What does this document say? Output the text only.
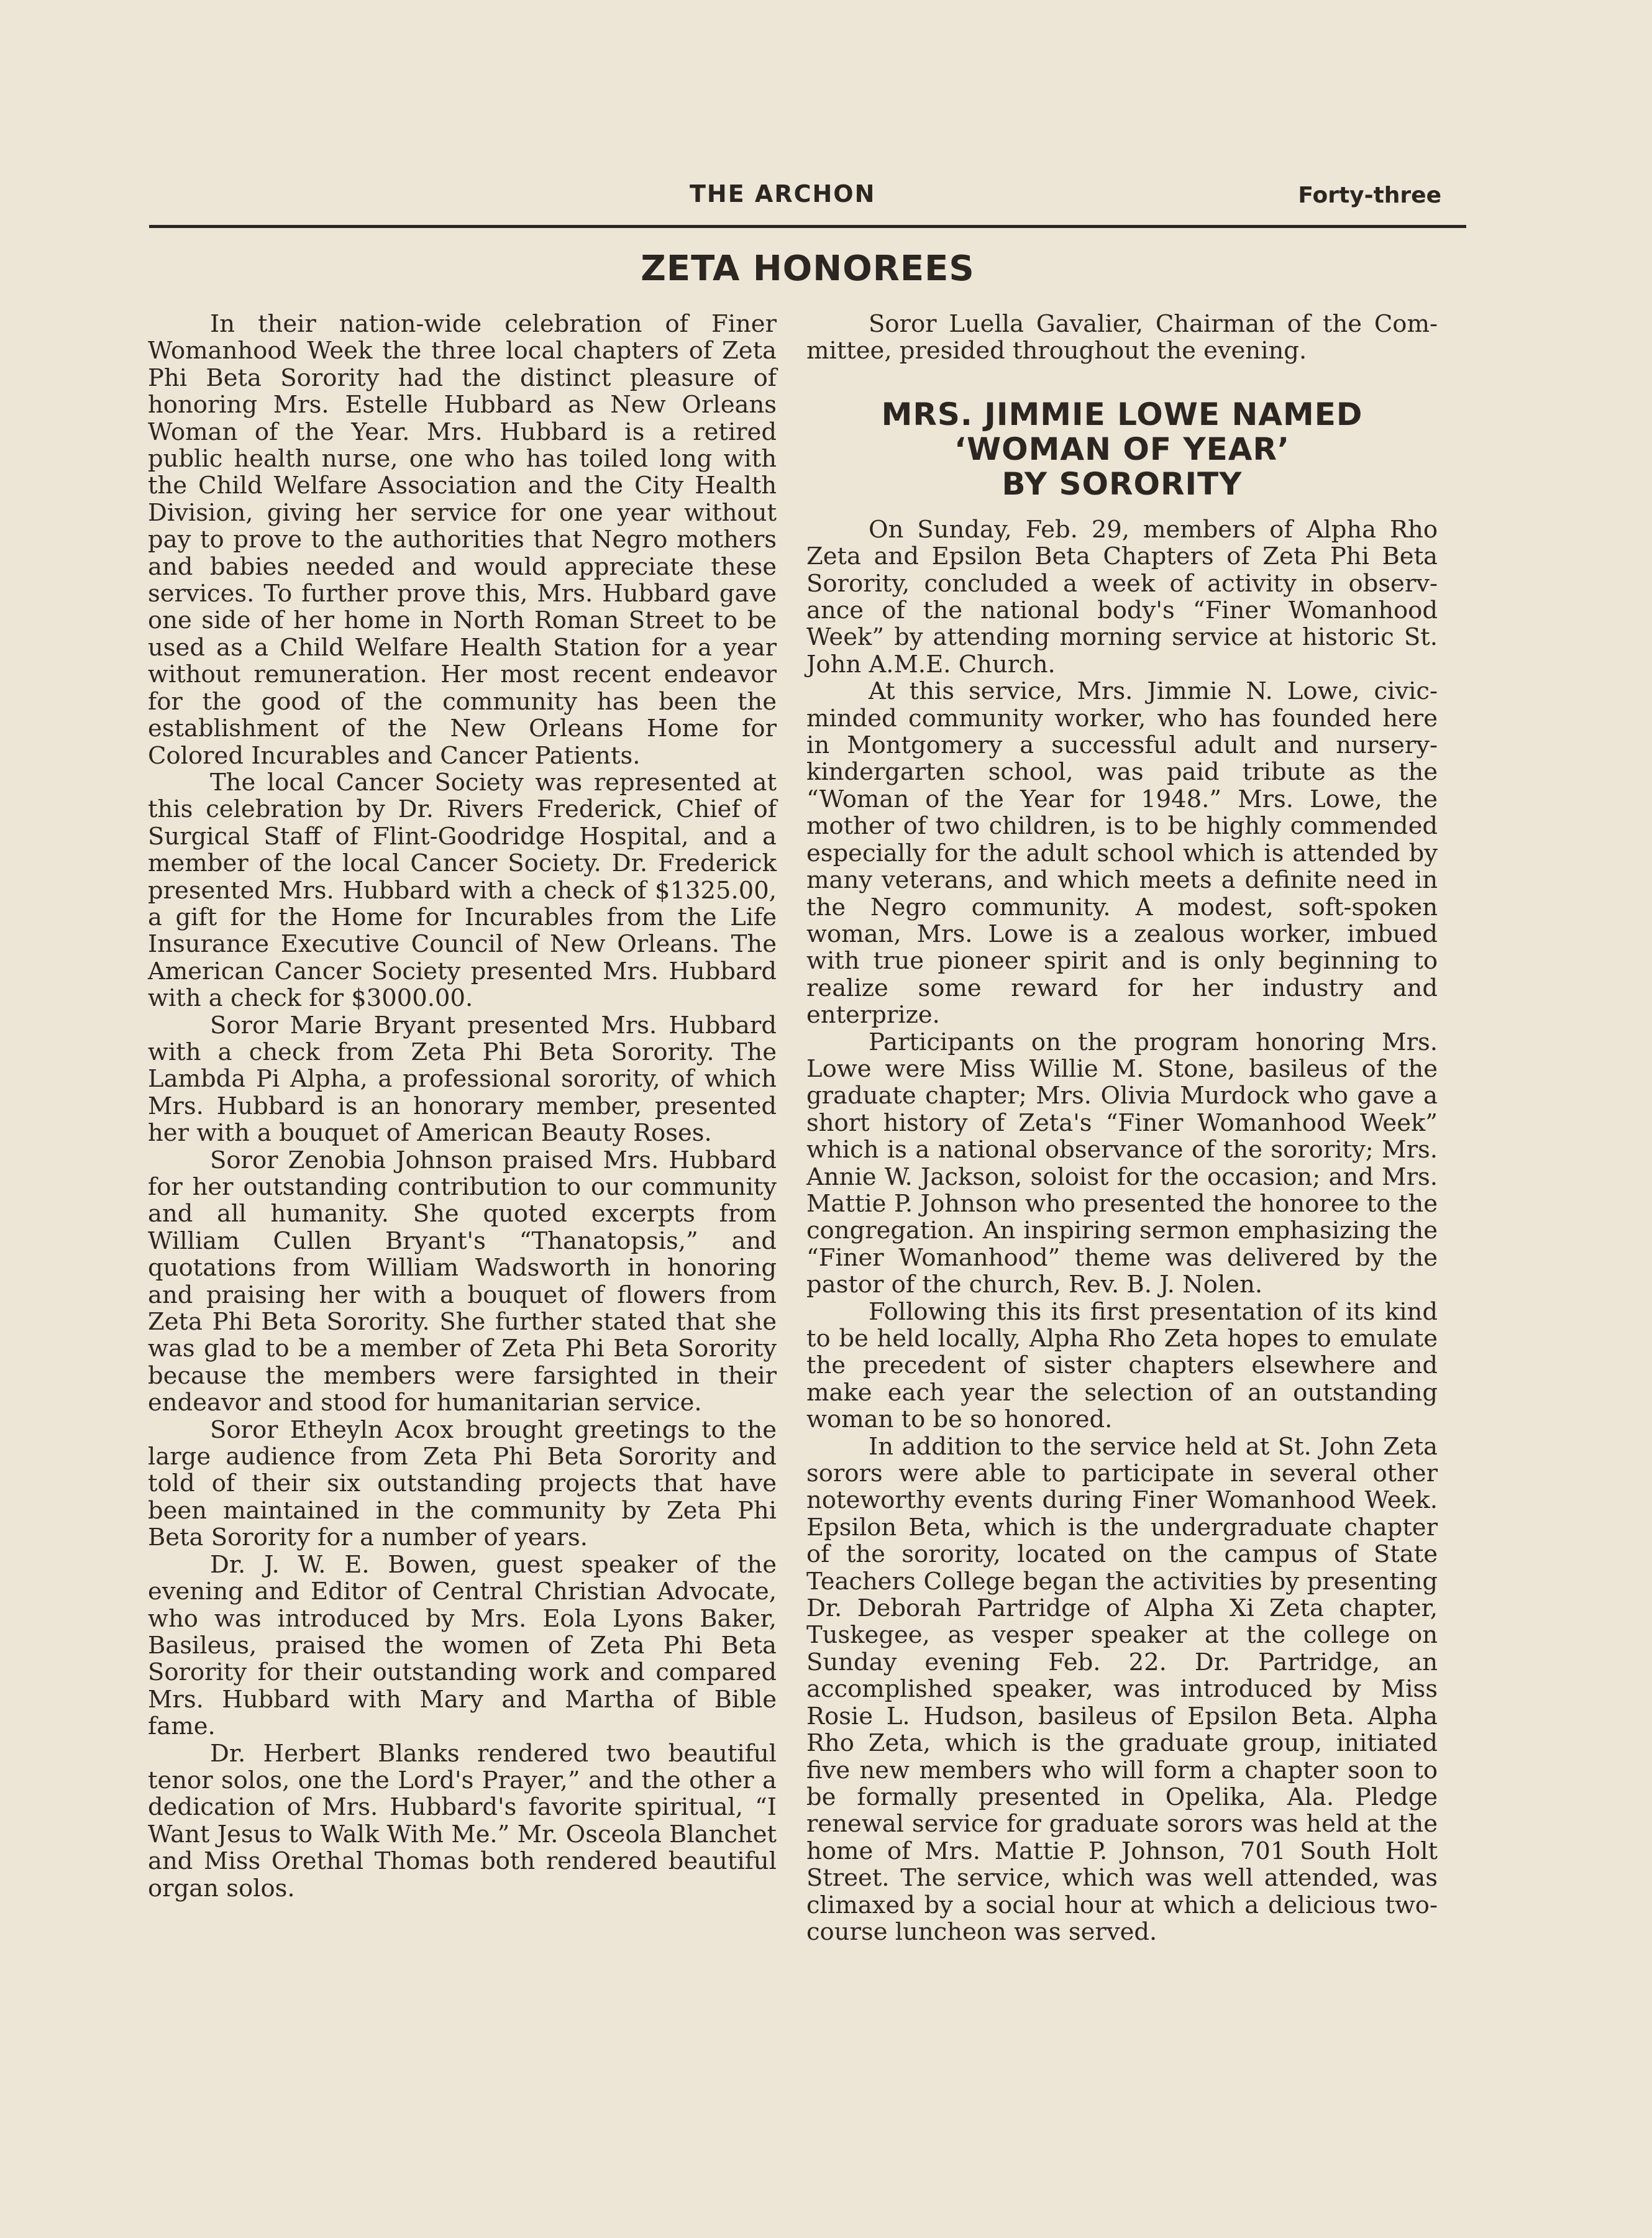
THE ARCHON	Forty-three
ZETA HONOREES

In their nation-wide celebration of Finer Womanhood Week the three local chapters of Zeta Phi Beta Sorority had the distinct pleasure of honoring Mrs. Estelle Hubbard as New Orleans Woman of the Year. Mrs. Hubbard is a retired public health nurse, one who has toiled long with the Child Welfare Association and the City Health Division, giving her service for one year without pay to prove to the authorities that Negro mothers and babies needed and would appreciate these services. To further prove this, Mrs. Hubbard gave one side of her home in North Roman Street to be used as a Child Welfare Health Station for a year without remuneration. Her most recent endeavor for the good of the community has been the establishment of the New Orleans Home for Colored Incurables and Cancer Patients.

The local Cancer Society was represented at this celebration by Dr. Rivers Frederick, Chief of Surgical Staff of Flint-Goodridge Hospital, and a member of the local Cancer Society. Dr. Frederick presented Mrs. Hubbard with a check of $1325.00, a gift for the Home for Incurables from the Life Insurance Executive Council of New Orleans. The American Cancer Society presented Mrs. Hubbard with a check for $3000.00.

Soror Marie Bryant presented Mrs. Hubbard with a check from Zeta Phi Beta Sorority. The Lambda Pi Alpha, a professional sorority, of which Mrs. Hubbard is an honorary member, presented her with a bouquet of American Beauty Roses.

Soror Zenobia Johnson praised Mrs. Hubbard for her outstanding contribution to our community and all humanity. She quoted excerpts from William Cullen Bryant's “Thanatopsis,” and quotations from William Wadsworth in honoring and praising her with a bouquet of flowers from Zeta Phi Beta Sorority. She further stated that she was glad to be a member of Zeta Phi Beta Sorority because the members were farsighted in their endeavor and stood for humanitarian service.

Soror Etheyln Acox brought greetings to the large audience from Zeta Phi Beta Sorority and told of their six outstanding projects that have been maintained in the community by Zeta Phi Beta Sorority for a number of years.

Dr. J. W. E. Bowen, guest speaker of the evening and Editor of Central Christian Advocate, who was introduced by Mrs. Eola Lyons Baker, Basileus, praised the women of Zeta Phi Beta Sorority for their outstanding work and compared Mrs. Hubbard with Mary and Martha of Bible fame.

Dr. Herbert Blanks rendered two beautiful tenor solos, one the Lord's Prayer,” and the other a dedication of Mrs. Hubbard's favorite spiritual, “I Want Jesus to Walk With Me.” Mr. Osceola Blanchet and Miss Orethal Thomas both rendered beautiful organ solos.

Soror Luella Gavalier, Chairman of the Committee, presided throughout the evening.

MRS. JIMMIE LOWE NAMED
‘WOMAN OF YEAR’
BY SORORITY

On Sunday, Feb. 29, members of Alpha Rho Zeta and Epsilon Beta Chapters of Zeta Phi Beta Sorority, concluded a week of activity in observance of the national body's “Finer Womanhood Week” by attending morning service at historic St. John A.M.E. Church.

At this service, Mrs. Jimmie N. Lowe, civic-minded community worker, who has founded here in Montgomery a successful adult and nursery-kindergarten school, was paid tribute as the “Woman of the Year for 1948.” Mrs. Lowe, the mother of two children, is to be highly commended especially for the adult school which is attended by many veterans, and which meets a definite need in the Negro community. A modest, soft-spoken woman, Mrs. Lowe is a zealous worker, imbued with true pioneer spirit and is only beginning to realize some reward for her industry and enterprize.

Participants on the program honoring Mrs. Lowe were Miss Willie M. Stone, basileus of the graduate chapter; Mrs. Olivia Murdock who gave a short history of Zeta's “Finer Womanhood Week” which is a national observance of the sorority; Mrs. Annie W. Jackson, soloist for the occasion; and Mrs. Mattie P. Johnson who presented the honoree to the congregation. An inspiring sermon emphasizing the “Finer Womanhood” theme was delivered by the pastor of the church, Rev. B. J. Nolen.

Following this its first presentation of its kind to be held locally, Alpha Rho Zeta hopes to emulate the precedent of sister chapters elsewhere and make each year the selection of an outstanding woman to be so honored.

In addition to the service held at St. John Zeta sorors were able to participate in several other noteworthy events during Finer Womanhood Week. Epsilon Beta, which is the undergraduate chapter of the sorority, located on the campus of State Teachers College began the activities by presenting Dr. Deborah Partridge of Alpha Xi Zeta chapter, Tuskegee, as vesper speaker at the college on Sunday evening Feb. 22. Dr. Partridge, an accomplished speaker, was introduced by Miss Rosie L. Hudson, basileus of Epsilon Beta. Alpha Rho Zeta, which is the graduate group, initiated five new members who will form a chapter soon to be formally presented in Opelika, Ala. Pledge renewal service for graduate sorors was held at the home of Mrs. Mattie P. Johnson, 701 South Holt Street. The service, which was well attended, was climaxed by a social hour at which a delicious two-course luncheon was served.
